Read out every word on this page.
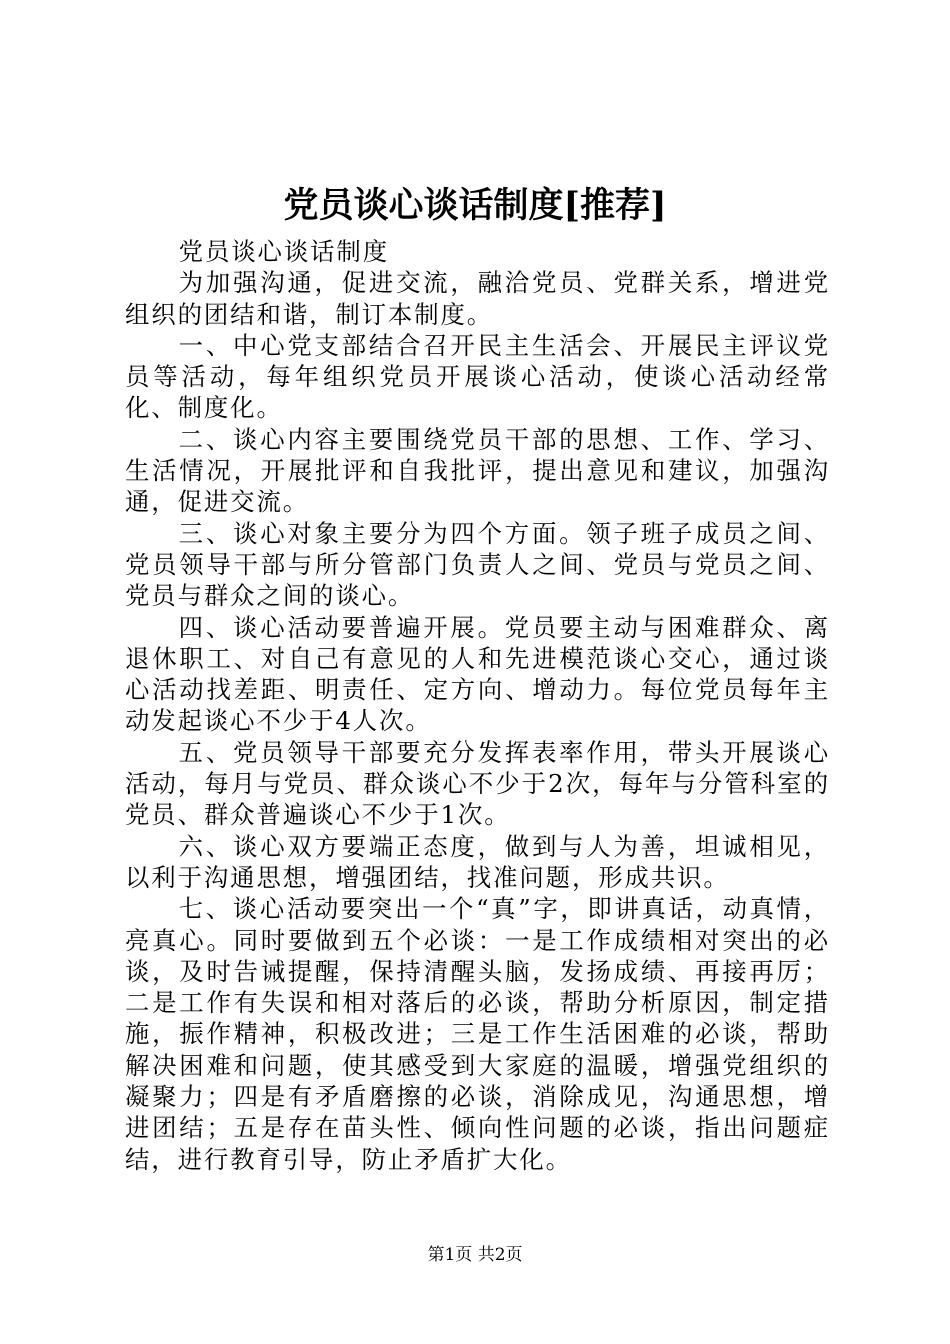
党员谈心谈话制度[推荐]

党员谈心谈话制度

为加强沟通，促进交流，融洽党员、党群关系，增进党组织的团结和谐，制订本制度。

一、中心党支部结合召开民主生活会、开展民主评议党员等活动，每年组织党员开展谈心活动，使谈心活动经常化、制度化。

二、谈心内容主要围绕党员干部的思想、工作、学习、生活情况，开展批评和自我批评，提出意见和建议，加强沟通，促进交流。

三、谈心对象主要分为四个方面。领子班子成员之间、党员领导干部与所分管部门负责人之间、党员与党员之间、党员与群众之间的谈心。

四、谈心活动要普遍开展。党员要主动与困难群众、离退休职工、对自己有意见的人和先进模范谈心交心，通过谈心活动找差距、明责任、定方向、增动力。每位党员每年主动发起谈心不少于4人次。

五、党员领导干部要充分发挥表率作用，带头开展谈心活动，每月与党员、群众谈心不少于2次，每年与分管科室的党员、群众普遍谈心不少于1次。

六、谈心双方要端正态度，做到与人为善，坦诚相见，以利于沟通思想，增强团结，找准问题，形成共识。

七、谈心活动要突出一个“真”字，即讲真话，动真情，亮真心。同时要做到五个必谈：一是工作成绩相对突出的必谈，及时告诫提醒，保持清醒头脑，发扬成绩、再接再厉；二是工作有失误和相对落后的必谈，帮助分析原因，制定措施，振作精神，积极改进；三是工作生活困难的必谈，帮助解决困难和问题，使其感受到大家庭的温暖，增强党组织的凝聚力；四是有矛盾磨擦的必谈，消除成见，沟通思想，增进团结；五是存在苗头性、倾向性问题的必谈，指出问题症结，进行教育引导，防止矛盾扩大化。

第1页 共2页
